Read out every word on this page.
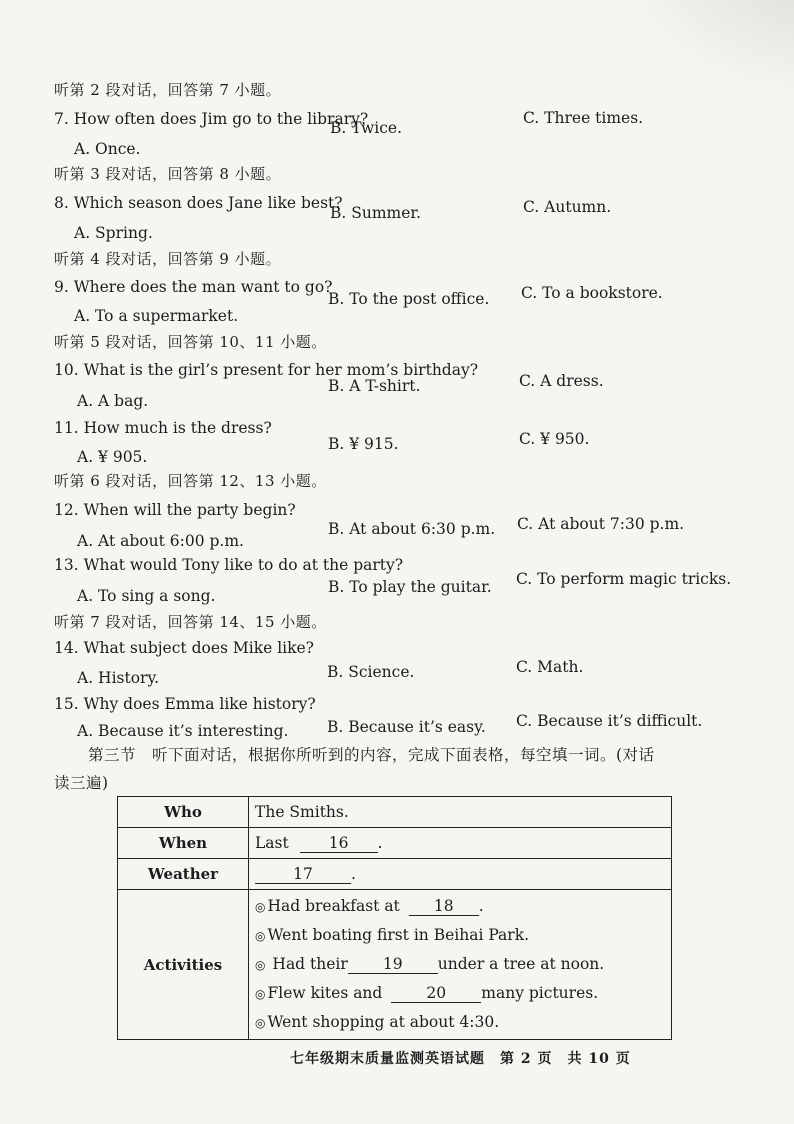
听第 2 段对话，回答第 7 小题。
7. How often does Jim go to the library?
B. Twice.
C. Three times.
A. Once.
听第 3 段对话，回答第 8 小题。
8. Which season does Jane like best?
B. Summer.	C. Autumn.
A. Spring.
听第 4 段对话，回答第 9 小题。
9. Where does the man want to go?
B. To the post office. C. To a bookstore.
A. To a supermarket.
听第 5 段对话，回答第 10、11 小题。
10. What is the girl’s present for her mom’s birthday?
B. A T-shirt.	C. A dress.
A. A bag.
11. How much is the dress?
B. ¥ 915.	C. ¥ 950.
A. ¥ 905.
听第 6 段对话，回答第 12、13 小题。
12. When will the party begin?
B. At about 6:30 p.m. C. At about 7:30 p.m.
A. At about 6:00 p.m.
13. What would Tony like to do at the party?
B. To play the guitar. C. To perform magic tricks.
A. To sing a song.
听第 7 段对话，回答第 14、15 小题。
14. What subject does Mike like?
B. Science.	C. Math.
A. History.
15. Why does Emma like history?
B. Because it’s easy. C. Because it’s difficult.
A. Because it’s interesting.
第三节　听下面对话，根据你所听到的内容，完成下面表格，每空填一词。(对话
读三遍)
Who	The Smiths.
When	Last 16 .
Weather	17 .
Activities	◎ Had breakfast at 18 .
◎ Went boating first in Beihai Park.
◎ Had their 19 under a tree at noon.
◎ Flew kites and 20 many pictures.
◎ Went shopping at about 4:30.
七年级期末质量监测英语试题　第 2 页　共 10 页
